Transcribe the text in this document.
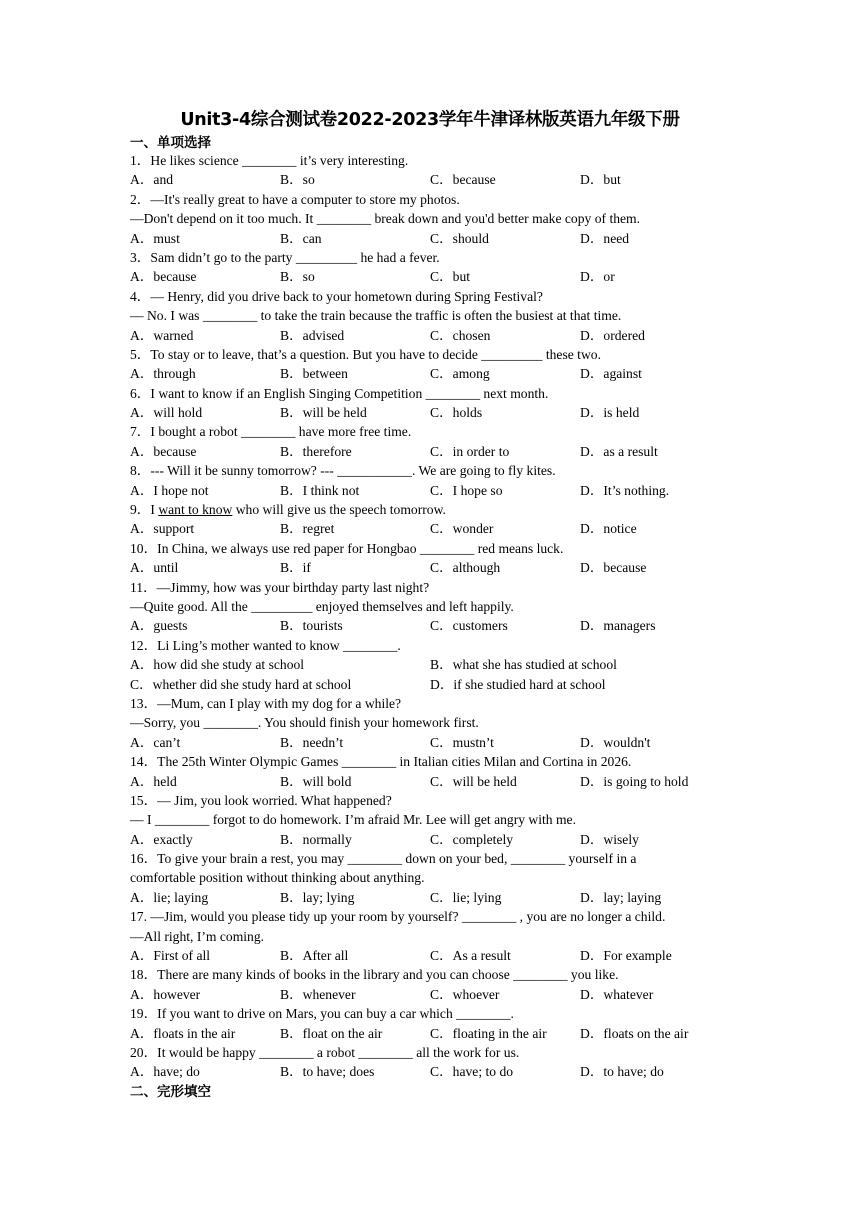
Unit3-4综合测试卷2022-2023学年牛津译林版英语九年级下册
一、单项选择
1．He likes science ________ it’s very interesting.
A．and	B．so	C．because	D．but
2．—It's really great to have a computer to store my photos.
—Don't depend on it too much. It ________ break down and you'd better make copy of them.
A．must	B．can	C．should	D．need
3．Sam didn’t go to the party _________ he had a fever.
A．because	B．so	C．but	D．or
4．— Henry, did you drive back to your hometown during Spring Festival?
— No. I was ________ to take the train because the traffic is often the busiest at that time.
A．warned	B．advised	C．chosen	D．ordered
5．To stay or to leave, that’s a question. But you have to decide _________ these two.
A．through	B．between	C．among	D．against
6．I want to know if an English Singing Competition ________ next month.
A．will hold	B．will be held	C．holds	D．is held
7．I bought a robot ________ have more free time.
A．because	B．therefore	C．in order to	D．as a result
8．--- Will it be sunny tomorrow? --- ___________. We are going to fly kites.
A．I hope not	B．I think not	C．I hope so	D．It’s nothing.
9．I want to know who will give us the speech tomorrow.
A．support	B．regret	C．wonder	D．notice
10．In China, we always use red paper for Hongbao ________ red means luck.
A．until	B．if	C．although	D．because
11．—Jimmy, how was your birthday party last night?
—Quite good. All the _________ enjoyed themselves and left happily.
A．guests	B．tourists	C．customers	D．managers
12．Li Ling’s mother wanted to know ________.
A．how did she study at school	B．what she has studied at school
C．whether did she study hard at school	D．if she studied hard at school
13．—Mum, can I play with my dog for a while?
—Sorry, you ________. You should finish your homework first.
A．can’t	B．needn’t	C．mustn’t	D．wouldn't
14．The 25th Winter Olympic Games ________ in Italian cities Milan and Cortina in 2026.
A．held	B．will bold	C．will be held	D．is going to hold
15．— Jim, you look worried. What happened?
— I ________ forgot to do homework. I’m afraid Mr. Lee will get angry with me.
A．exactly	B．normally	C．completely	D．wisely
16．To give your brain a rest, you may ________ down on your bed, ________ yourself in a
comfortable position without thinking about anything.
A．lie; laying	B．lay; lying	C．lie; lying	D．lay; laying
17. —Jim, would you please tidy up your room by yourself? ________ , you are no longer a child.
—All right, I’m coming.
A．First of all	B．After all	C．As a result	D．For example
18．There are many kinds of books in the library and you can choose ________ you like.
A．however	B．whenever	C．whoever	D．whatever
19．If you want to drive on Mars, you can buy a car which ________.
A．floats in the air	B．float on the air	C．floating in the air D．floats on the air
20．It would be happy ________ a robot ________ all the work for us.
A．have; do	B．to have; does	C．have; to do	D．to have; do
二、完形填空
